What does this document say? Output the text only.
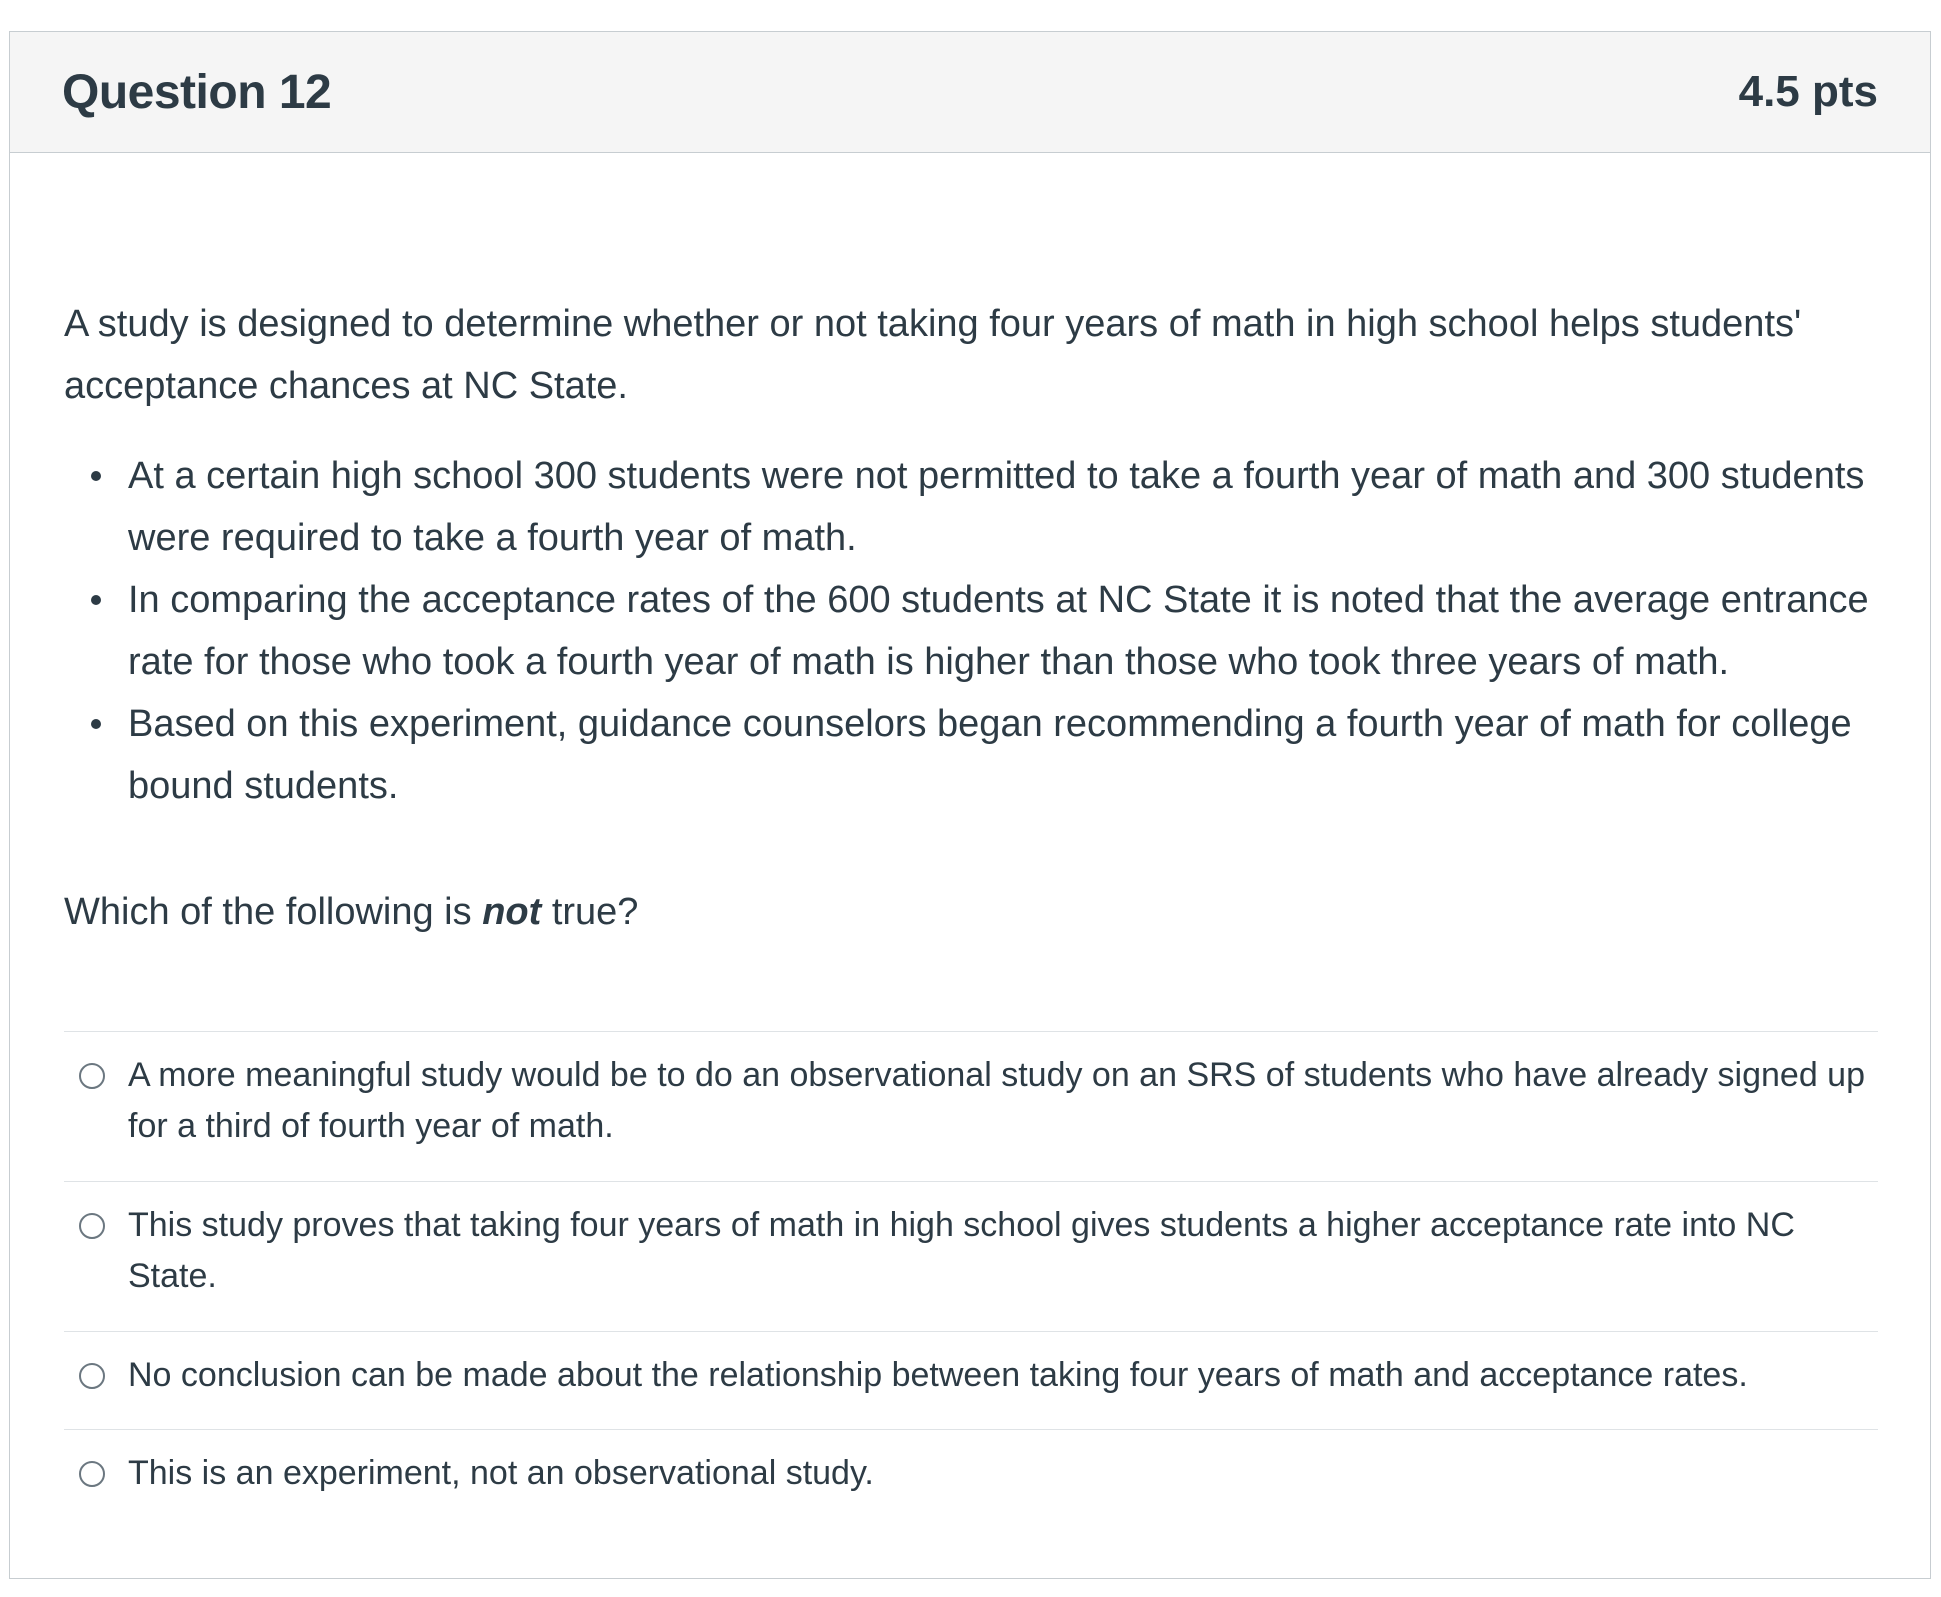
Question 12	4.5 pts

A study is designed to determine whether or not taking four years of math in high school helps students' acceptance chances at NC State.

At a certain high school 300 students were not permitted to take a fourth year of math and 300 students were required to take a fourth year of math.
In comparing the acceptance rates of the 600 students at NC State it is noted that the average entrance rate for those who took a fourth year of math is higher than those who took three years of math.
Based on this experiment, guidance counselors began recommending a fourth year of math for college bound students.

Which of the following is not true?

A more meaningful study would be to do an observational study on an SRS of students who have already signed up for a third of fourth year of math.
This study proves that taking four years of math in high school gives students a higher acceptance rate into NC State.
No conclusion can be made about the relationship between taking four years of math and acceptance rates.
This is an experiment, not an observational study.
